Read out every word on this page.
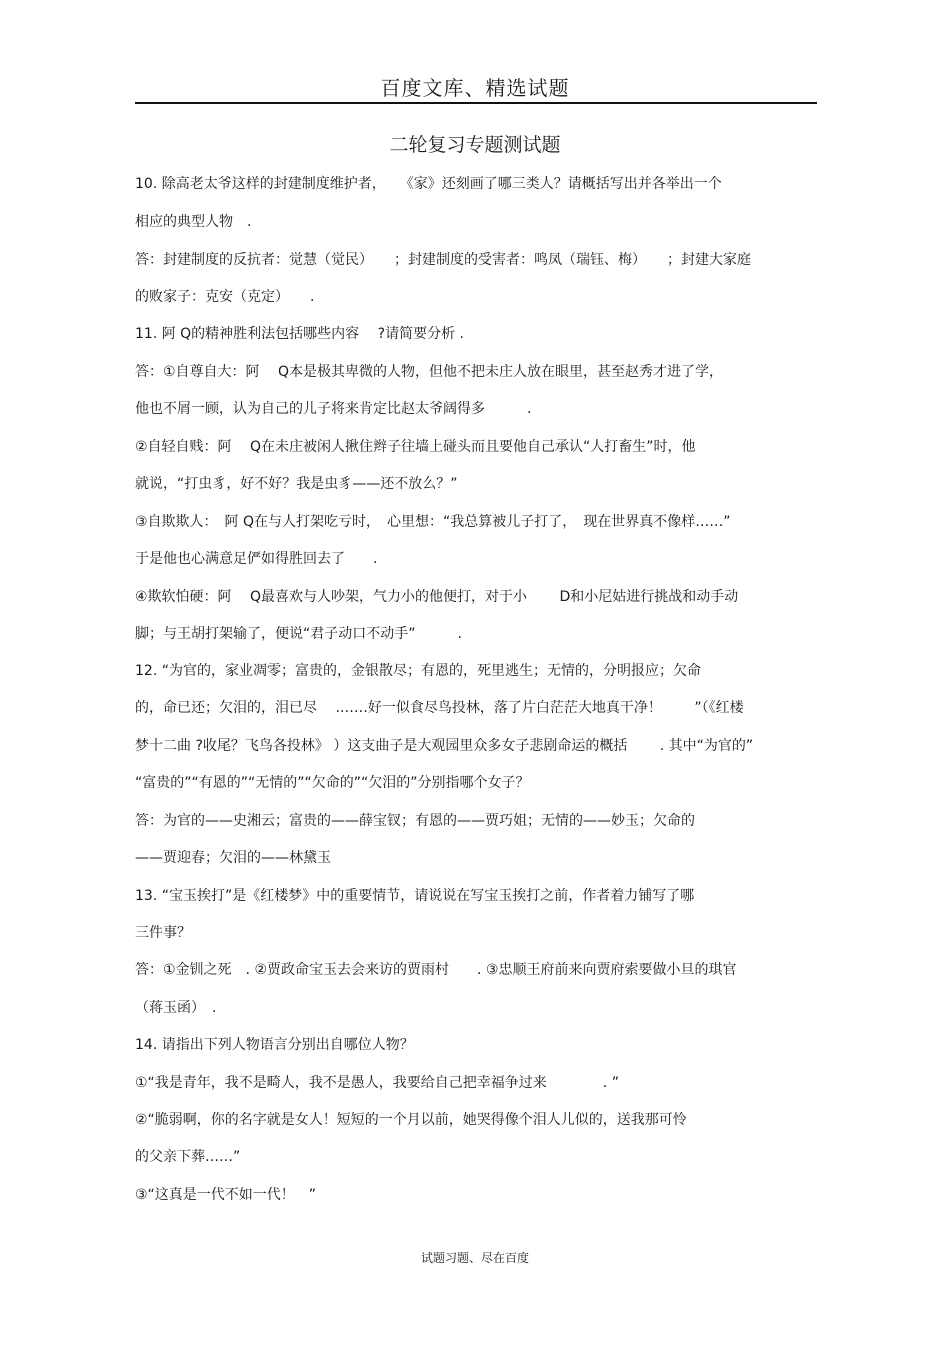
百度文库、精选试题
二轮复习专题测试题
10. 除高老太爷这样的封建制度维护者，　　《家》还刻画了哪三类人？请概括写出并各举出一个
相应的典型人物　.
答：封建制度的反抗者：觉慧（觉民）　　；封建制度的受害者：鸣凤（瑞钰、梅）　　；封建大家庭
的败家子：克安（克定）　　.
11. 阿 Q的精神胜利法包括哪些内容　 ?请简要分析 .
答：①自尊自大：阿　 Q本是极其卑微的人物，但他不把未庄人放在眼里，甚至赵秀才进了学，
他也不屑一顾，认为自己的儿子将来肯定比赵太爷阔得多　　　.
②自轻自贱：阿　 Q在未庄被闲人揪住辫子往墙上碰头而且要他自己承认“人打畜生”时，他
就说，“打虫豸，好不好？我是虫豸——还不放么？”
③自欺欺人：　阿 Q在与人打架吃亏时，　心里想：“我总算被儿子打了，　现在世界真不像样……”
于是他也心满意足俨如得胜回去了　　.
④欺软怕硬：阿　 Q最喜欢与人吵架，气力小的他便打，对于小　　 D和小尼姑进行挑战和动手动
脚；与王胡打架输了，便说“君子动口不动手”　　　.
12. “为官的，家业凋零；富贵的，金银散尽；有恩的，死里逃生；无情的，分明报应；欠命
的，命已还；欠泪的，泪已尽　 .……好一似食尽鸟投林，落了片白茫茫大地真干净！　　 ”（《红楼
梦十二曲 ?收尾？飞鸟各投林》 ）这支曲子是大观园里众多女子悲剧命运的概括　　 . 其中“为官的”
“富贵的”“有恩的”“无情的”“欠命的”“欠泪的”分别指哪个女子？
答：为官的——史湘云；富贵的——薛宝钗；有恩的——贾巧姐；无情的——妙玉；欠命的
——贾迎春；欠泪的——林黛玉
13. “宝玉挨打”是《红楼梦》中的重要情节，请说说在写宝玉挨打之前，作者着力铺写了哪
三件事？
答：①金钏之死　. ②贾政命宝玉去会来访的贾雨村　　. ③忠顺王府前来向贾府索要做小旦的琪官
（蒋玉函）　.
14. 请指出下列人物语言分别出自哪位人物？
①“我是青年，我不是畸人，我不是愚人，我要给自己把幸福争过来　　　　. ”
②“脆弱啊，你的名字就是女人！短短的一个月以前，她哭得像个泪人儿似的，送我那可怜
的父亲下葬……”
③“这真是一代不如一代！　”
试题习题、尽在百度
